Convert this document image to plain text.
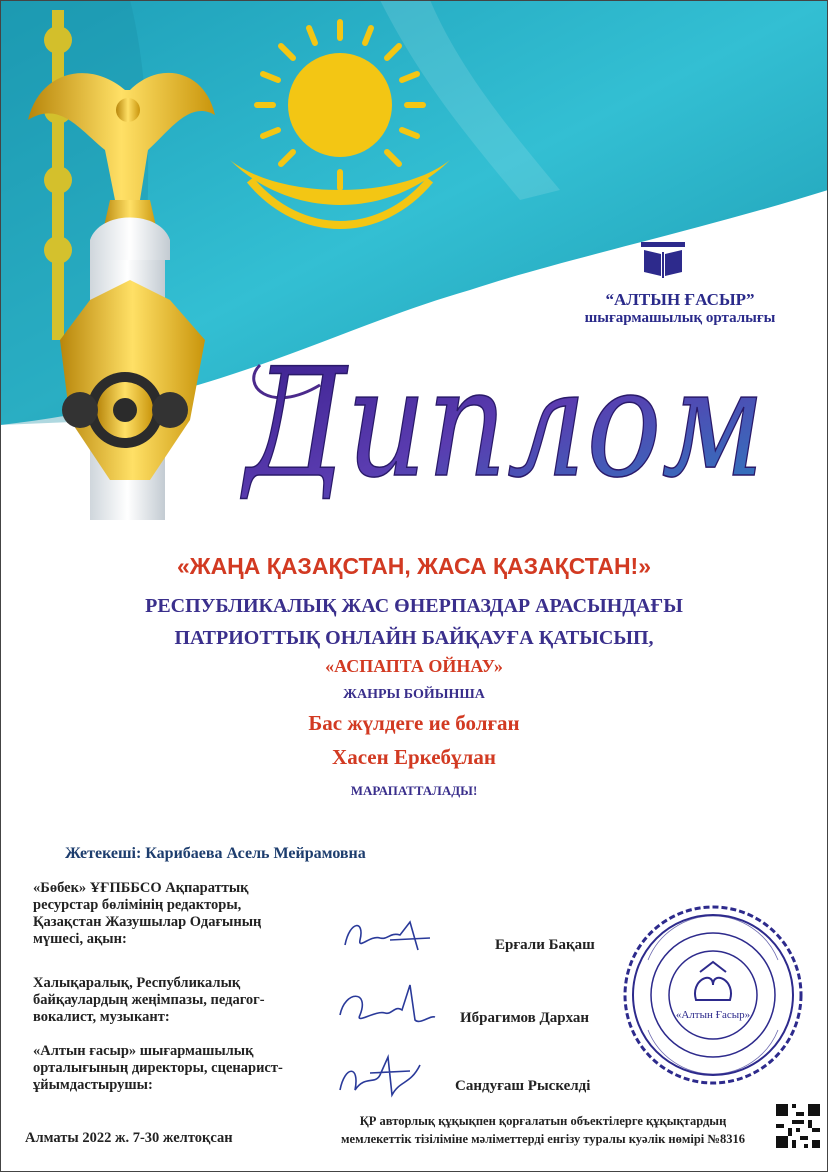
“АЛТЫН ҒАСЫР”
шығармашылық орталығы
Диплом
«ЖАҢА ҚАЗАҚСТАН, ЖАСА ҚАЗАҚСТАН!»
РЕСПУБЛИКАЛЫҚ ЖАС ӨНЕРПАЗДАР АРАСЫНДАҒЫ
ПАТРИОТТЫҚ ОНЛАЙН БАЙҚАУҒА ҚАТЫСЫП,
«АСПАПТА ОЙНАУ»
ЖАНРЫ БОЙЫНША
Бас жүлдеге ие болған
Хасен Еркебұлан
МАРАПАТТАЛАДЫ!
Жетекеші: Карибаева Асель Мейрамовна
«Бөбек» ҰҒПББСО Ақпараттық ресурстар бөлімінің редакторы, Қазақстан Жазушылар Одағының мүшесі, ақын:
Халықаралық, Республикалық байқаулардың жеңімпазы, педагог-вокалист, музыкант:
«Алтын ғасыр» шығармашылық орталығының директоры, сценарист-ұйымдастырушы:
Ерғали Бақаш
Ибрагимов Дархан
Сандуғаш Рыскелді
«Алтын Ғасыр»
Алматы 2022 ж. 7-30 желтоқсан
ҚР авторлық құқықпен қорғалатын объектілерге құқықтардың
мемлекеттік тізіліміне мәліметтерді енгізу туралы куәлік нөмірі №8316
